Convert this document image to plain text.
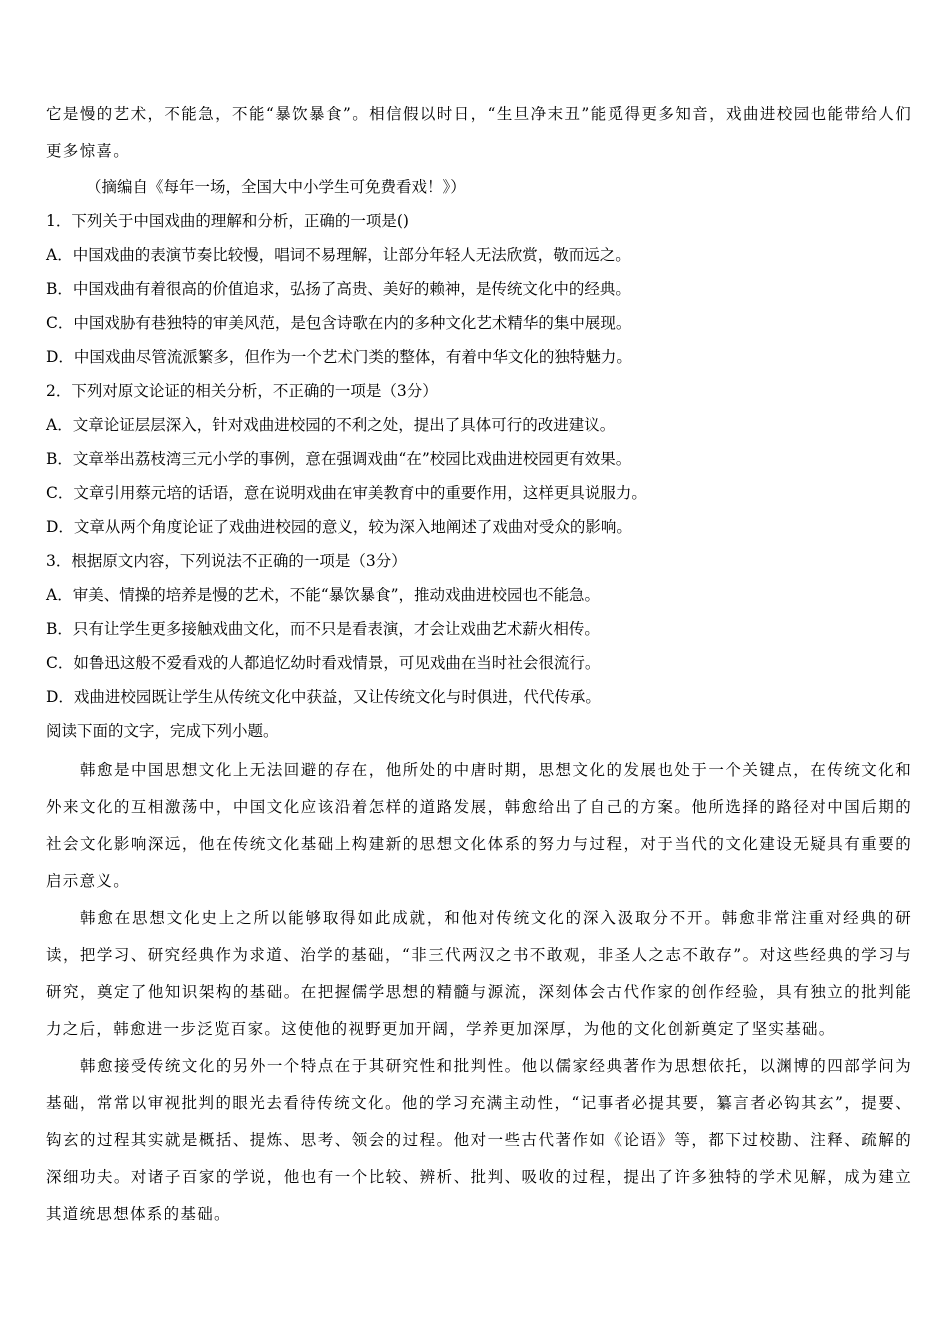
它是慢的艺术，不能急，不能“暴饮暴食”。相信假以时日，“生旦净末丑”能觅得更多知音，戏曲进校园也能带给人们更多惊喜。

（摘编自《每年一场，全国大中小学生可免费看戏！》）

1．下列关于中国戏曲的理解和分析，正确的一项是()

A．中国戏曲的表演节奏比较慢，唱词不易理解，让部分年轻人无法欣赏，敬而远之。

B．中国戏曲有着很高的价值追求，弘扬了高贵、美好的赖神，是传统文化中的经典。

C．中国戏胁有巷独特的审美风范，是包含诗歌在内的多种文化艺术精华的集中展现。

D．中国戏曲尽管流派繁多，但作为一个艺术门类的整体，有着中华文化的独特魅力。

2．下列对原文论证的相关分析，不正确的一项是（3分）

A．文章论证层层深入，针对戏曲进校园的不利之处，提出了具体可行的改进建议。

B．文章举出荔枝湾三元小学的事例，意在强调戏曲“在”校园比戏曲进校园更有效果。

C．文章引用蔡元培的话语，意在说明戏曲在审美教育中的重要作用，这样更具说服力。

D．文章从两个角度论证了戏曲进校园的意义，较为深入地阐述了戏曲对受众的影响。

3．根据原文内容，下列说法不正确的一项是（3分）

A．审美、情操的培养是慢的艺术，不能“暴饮暴食”，推动戏曲进校园也不能急。

B．只有让学生更多接触戏曲文化，而不只是看表演，才会让戏曲艺术薪火相传。

C．如鲁迅这般不爱看戏的人都追忆幼时看戏情景，可见戏曲在当时社会很流行。

D．戏曲进校园既让学生从传统文化中获益，又让传统文化与时俱进，代代传承。

阅读下面的文字，完成下列小题。

韩愈是中国思想文化上无法回避的存在，他所处的中唐时期，思想文化的发展也处于一个关键点，在传统文化和外来文化的互相激荡中，中国文化应该沿着怎样的道路发展，韩愈给出了自己的方案。他所选择的路径对中国后期的社会文化影响深远，他在传统文化基础上构建新的思想文化体系的努力与过程，对于当代的文化建设无疑具有重要的启示意义。

韩愈在思想文化史上之所以能够取得如此成就，和他对传统文化的深入汲取分不开。韩愈非常注重对经典的研读，把学习、研究经典作为求道、治学的基础，“非三代两汉之书不敢观，非圣人之志不敢存”。对这些经典的学习与研究，奠定了他知识架构的基础。在把握儒学思想的精髓与源流，深刻体会古代作家的创作经验，具有独立的批判能力之后，韩愈进一步泛览百家。这使他的视野更加开阔，学养更加深厚，为他的文化创新奠定了坚实基础。

韩愈接受传统文化的另外一个特点在于其研究性和批判性。他以儒家经典著作为思想依托，以渊博的四部学问为基础，常常以审视批判的眼光去看待传统文化。他的学习充满主动性，“记事者必提其要，纂言者必钩其玄”，提要、钩玄的过程其实就是概括、提炼、思考、领会的过程。他对一些古代著作如《论语》等，都下过校勘、注释、疏解的深细功夫。对诸子百家的学说，他也有一个比较、辨析、批判、吸收的过程，提出了许多独特的学术见解，成为建立其道统思想体系的基础。
